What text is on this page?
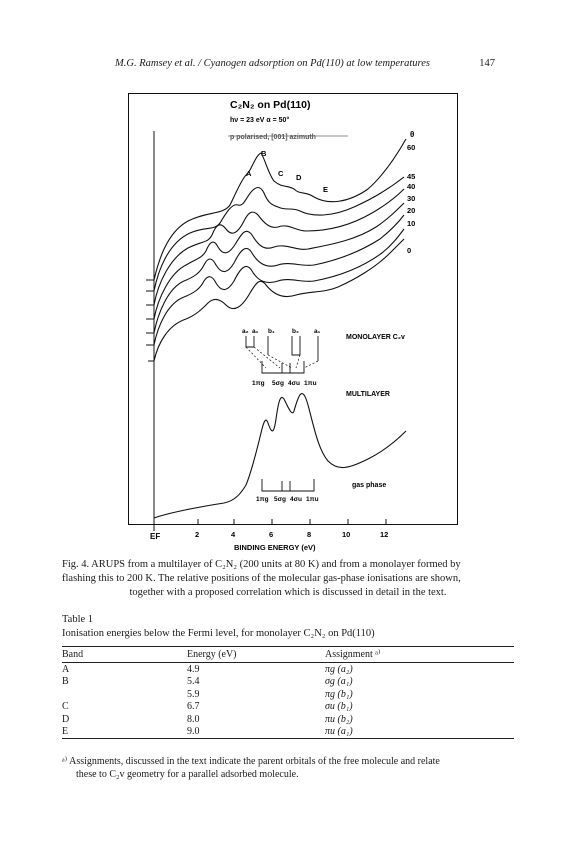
M.G. Ramsey et al. / Cyanogen adsorption on Pd(110) at low temperatures	147
C₂N₂ on Pd(110)
hν = 23 eV α = 50°
p polarised, [001] azimuth	θ
60
45
40
30
20
10
0
A
B
C D
E
a₂ a₁ b₁	b₂ a₁
MONOLAYER C₂v
1πg 5σg 4σu 1πu
MULTILAYER
gas phase
1πg 5σg 4σu 1πu
EF	2	4	6	8	10	12
BINDING ENERGY (eV)
Fig. 4. ARUPS from a multilayer of C₂N₂ (200 units at 80 K) and from a monolayer formed by
flashing this to 200 K. The relative positions of the molecular gas-phase ionisations are shown,

together with a proposed correlation which is discussed in detail in the text.
Table 1
Ionisation energies below the Fermi level, for monolayer C₂N₂ on Pd(110)
Band	Energy (eV)	Assignment ᵃ⁾
A	4.9	πg (a₂)
B	5.4	σg (a₁)
	5.9	πg (b₁)
C	6.7	σu (b₁)
D	8.0	πu (b₂)
E	9.0	πu (a₁)
ᵃ⁾ Assignments, discussed in the text indicate the parent orbitals of the free molecule and relate

these to C₂v geometry for a parallel adsorbed molecule.
